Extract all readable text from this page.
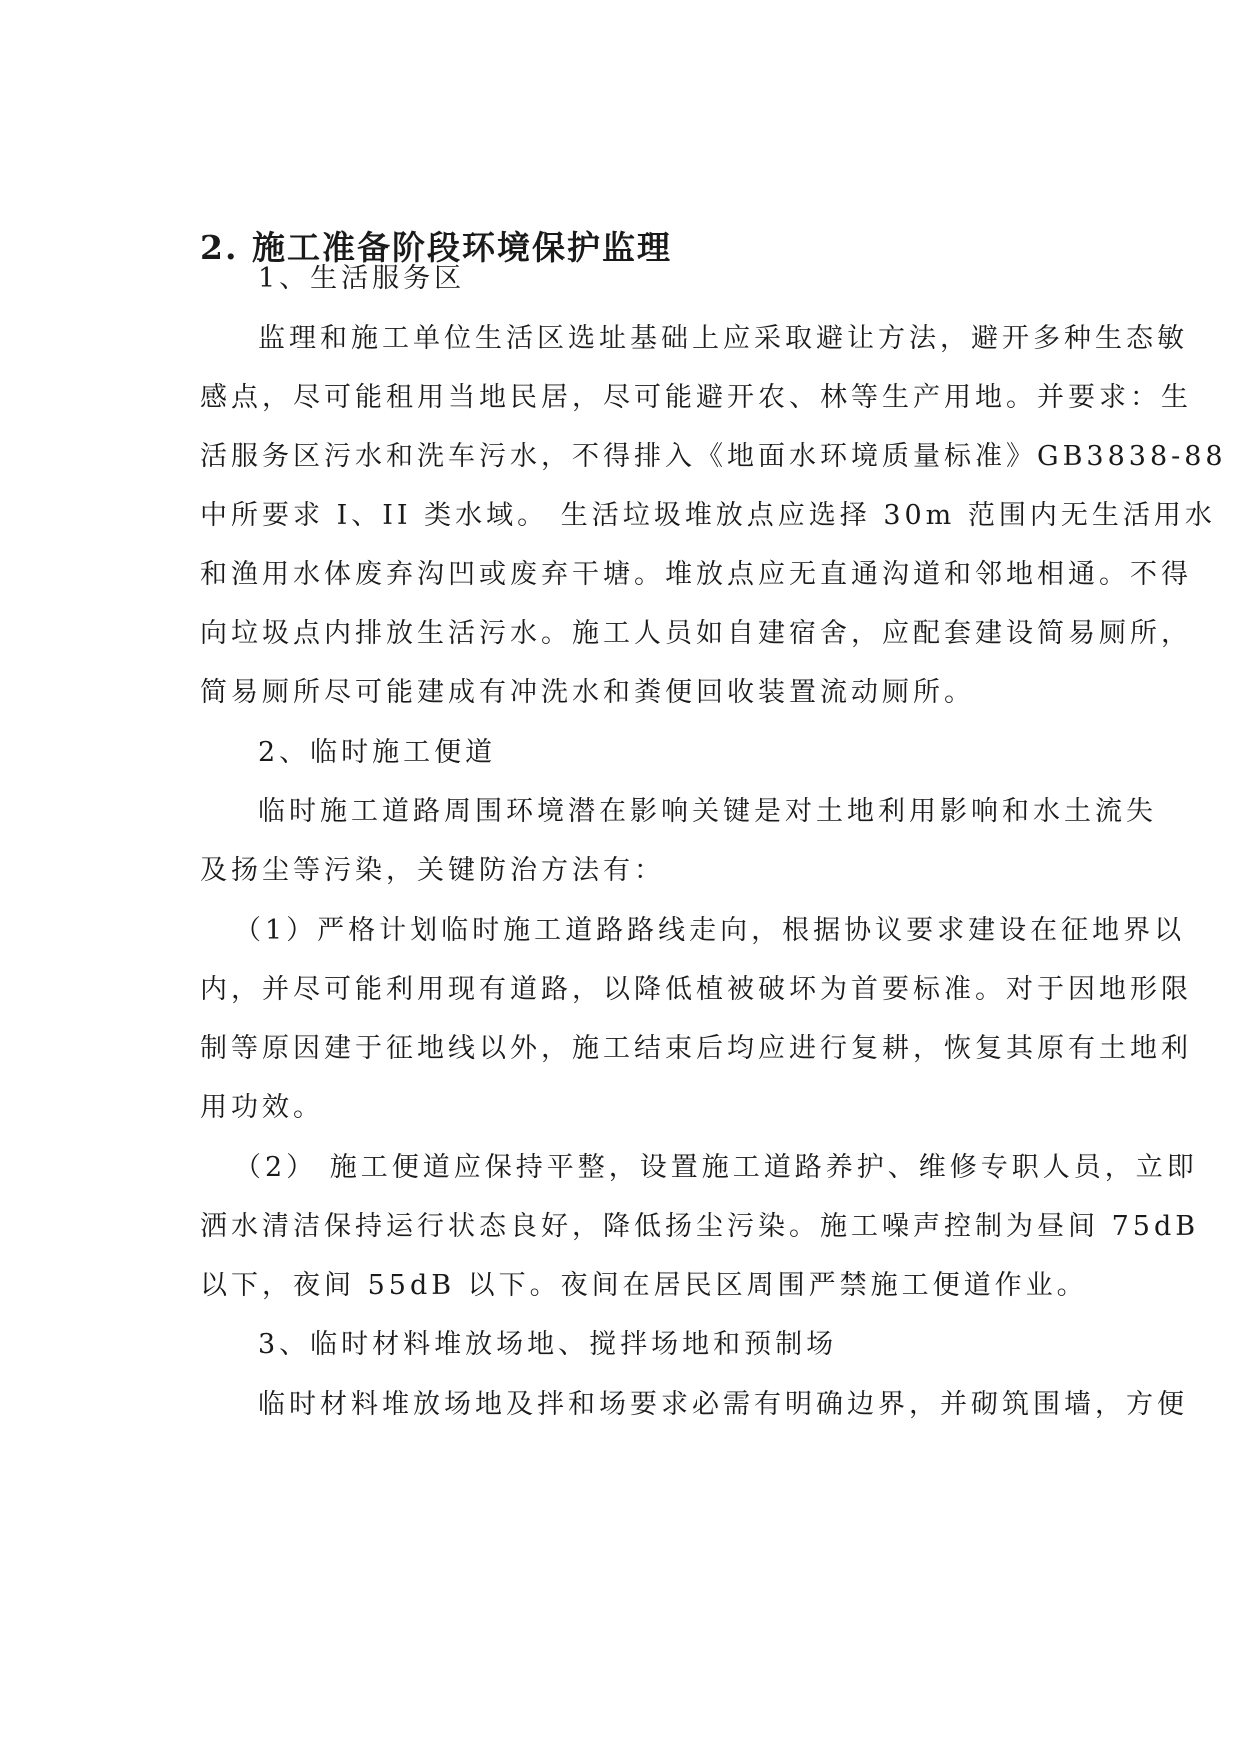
2. 施工准备阶段环境保护监理
1、生活服务区
监理和施工单位生活区选址基础上应采取避让方法，避开多种生态敏
感点，尽可能租用当地民居，尽可能避开农、林等生产用地。并要求：生
活服务区污水和洗车污水，不得排入《地面水环境质量标准》GB3838-88
中所要求 I、II 类水域。 生活垃圾堆放点应选择 30m 范围内无生活用水
和渔用水体废弃沟凹或废弃干塘。堆放点应无直通沟道和邻地相通。不得
向垃圾点内排放生活污水。施工人员如自建宿舍，应配套建设简易厕所，
简易厕所尽可能建成有冲洗水和粪便回收装置流动厕所。
2、临时施工便道
临时施工道路周围环境潜在影响关键是对土地利用影响和水土流失
及扬尘等污染，关键防治方法有：
（1）严格计划临时施工道路路线走向，根据协议要求建设在征地界以
内，并尽可能利用现有道路，以降低植被破坏为首要标准。对于因地形限
制等原因建于征地线以外，施工结束后均应进行复耕，恢复其原有土地利
用功效。
（2） 施工便道应保持平整，设置施工道路养护、维修专职人员，立即
洒水清洁保持运行状态良好，降低扬尘污染。施工噪声控制为昼间 75dB
以下，夜间 55dB 以下。夜间在居民区周围严禁施工便道作业。
3、临时材料堆放场地、搅拌场地和预制场
临时材料堆放场地及拌和场要求必需有明确边界，并砌筑围墙，方便
